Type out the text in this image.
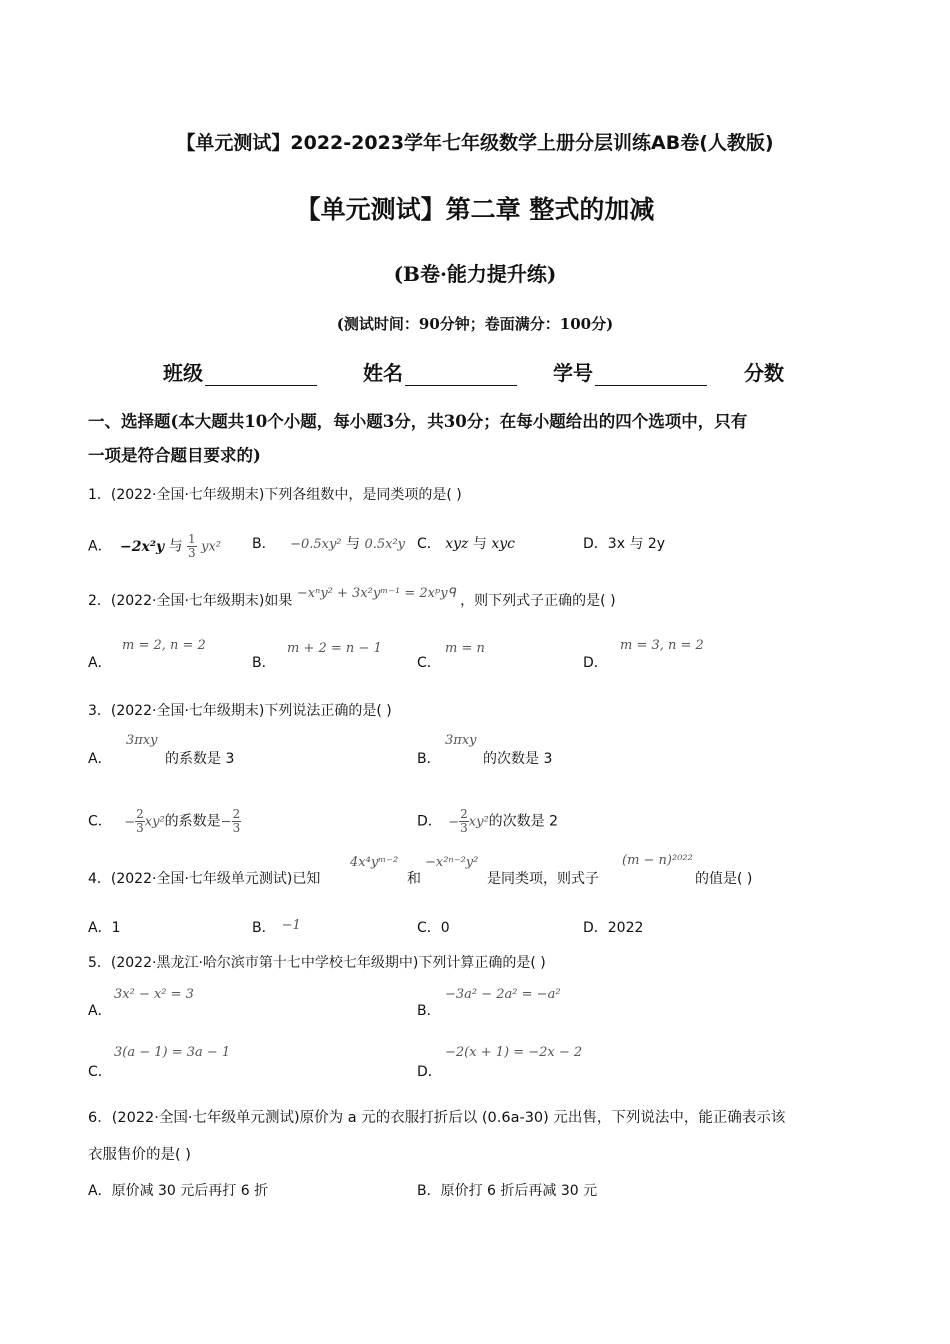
【单元测试】2022-2023学年七年级数学上册分层训练AB卷(人教版)
【单元测试】第二章 整式的加减
(B卷·能力提升练)
(测试时间：90分钟；卷面满分：100分)
班级	姓名	学号	分数
一、选择题(本大题共10个小题，每小题3分，共30分；在每小题给出的四个选项中，只有
一项是符合题目要求的)
1．(2022·全国·七年级期末)下列各组数中，是同类项的是( )
A． −2x²y 与 $\frac{1}{3} yx^2$ B． −0.5xy² 与 0.5x²y C． xyz 与 xyc	D．3x 与 2y
2．(2022·全国·七年级期末)如果 −xⁿy² + 3x²yᵐ⁻¹ = 2xᵖyᑫ ，则下列式子正确的是( )
A．
m = 2, n = 2
B．
m + 2 = n − 1
C．
m = n
D．
m = 3, n = 2
3．(2022·全国·七年级期末)下列说法正确的是( )
A．
3πxy
的系数是 3	B．
3πxy
的次数是 3
C． − $\frac{2}{3} xy^2$的系数是− $\frac{2}{3}$	D． − $\frac{2}{3} xy^2$的次数是 2
4．(2022·全国·七年级单元测试)已知
4x⁴yᵐ⁻²
和
−x²ⁿ⁻²y²
是同类项，则式子
(m − n)²⁰²²
的值是( )
A．1	B． −1	C．0	D．2022
5．(2022·黑龙江·哈尔滨市第十七中学校七年级期中)下列计算正确的是( )
A．
3x² − x² = 3
B．
−3a² − 2a² = −a²
C．
3(a − 1) = 3a − 1
D．
−2(x + 1) = −2x − 2
6．(2022·全国·七年级单元测试)原价为 a 元的衣服打折后以 (0.6a-30) 元出售，下列说法中，能正确表示该
衣服售价的是( )
A．原价减 30 元后再打 6 折	B．原价打 6 折后再减 30 元
